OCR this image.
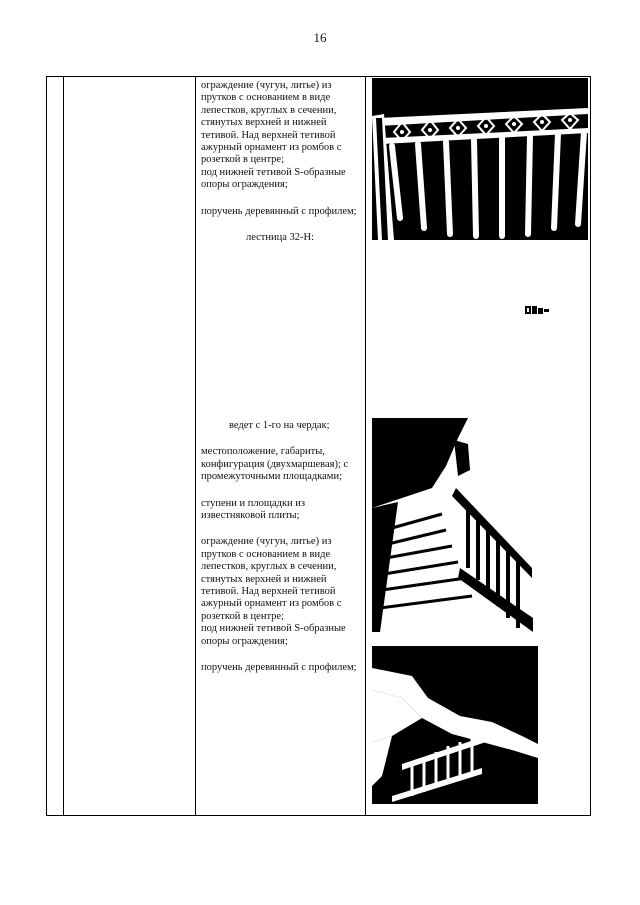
16

ограждение (чугун, литье) из прутков с основанием в виде лепестков, круглых в сечении, стянутых верхней и нижней тетивой. Над верхней тетивой ажурный орнамент из ромбов с розеткой в центре;

под нижней тетивой S-образные опоры ограждения;

поручень деревянный с профилем;

лестница 32-Н:

ведет с 1-го на чердак;

местоположение, габариты, конфигурация (двухмаршевая); с промежуточными площадками;

ступени и площадки из известняковой плиты;

ограждение (чугун, литье) из прутков с основанием в виде лепестков, круглых в сечении, стянутых верхней и нижней тетивой. Над верхней тетивой ажурный орнамент из ромбов с розеткой в центре;

под нижней тетивой S-образные опоры ограждения;

поручень деревянный с профилем;
